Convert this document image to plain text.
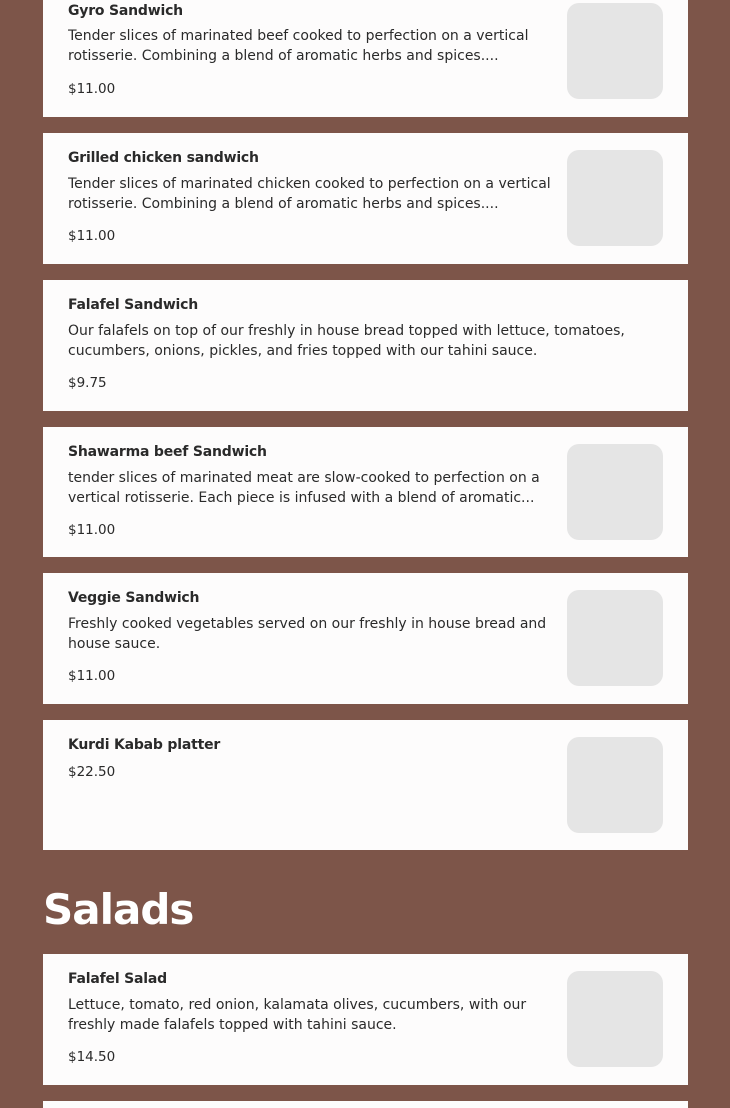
Gyro Sandwich

Tender slices of marinated beef cooked to perfection on a vertical rotisserie. Combining a blend of aromatic herbs and spices....

$11.00

Grilled chicken sandwich

Tender slices of marinated chicken cooked to perfection on a vertical rotisserie. Combining a blend of aromatic herbs and spices....

$11.00

Falafel Sandwich

Our falafels on top of our freshly in house bread topped with lettuce, tomatoes, cucumbers, onions, pickles, and fries topped with our tahini sauce.

$9.75

Shawarma beef Sandwich

tender slices of marinated meat are slow-cooked to perfection on a vertical rotisserie. Each piece is infused with a blend of aromatic...

$11.00

Veggie Sandwich

Freshly cooked vegetables served on our freshly in house bread and house sauce.

$11.00

Kurdi Kabab platter

$22.50

Salads

Falafel Salad

Lettuce, tomato, red onion, kalamata olives, cucumbers, with our freshly made falafels topped with tahini sauce.

$14.50
